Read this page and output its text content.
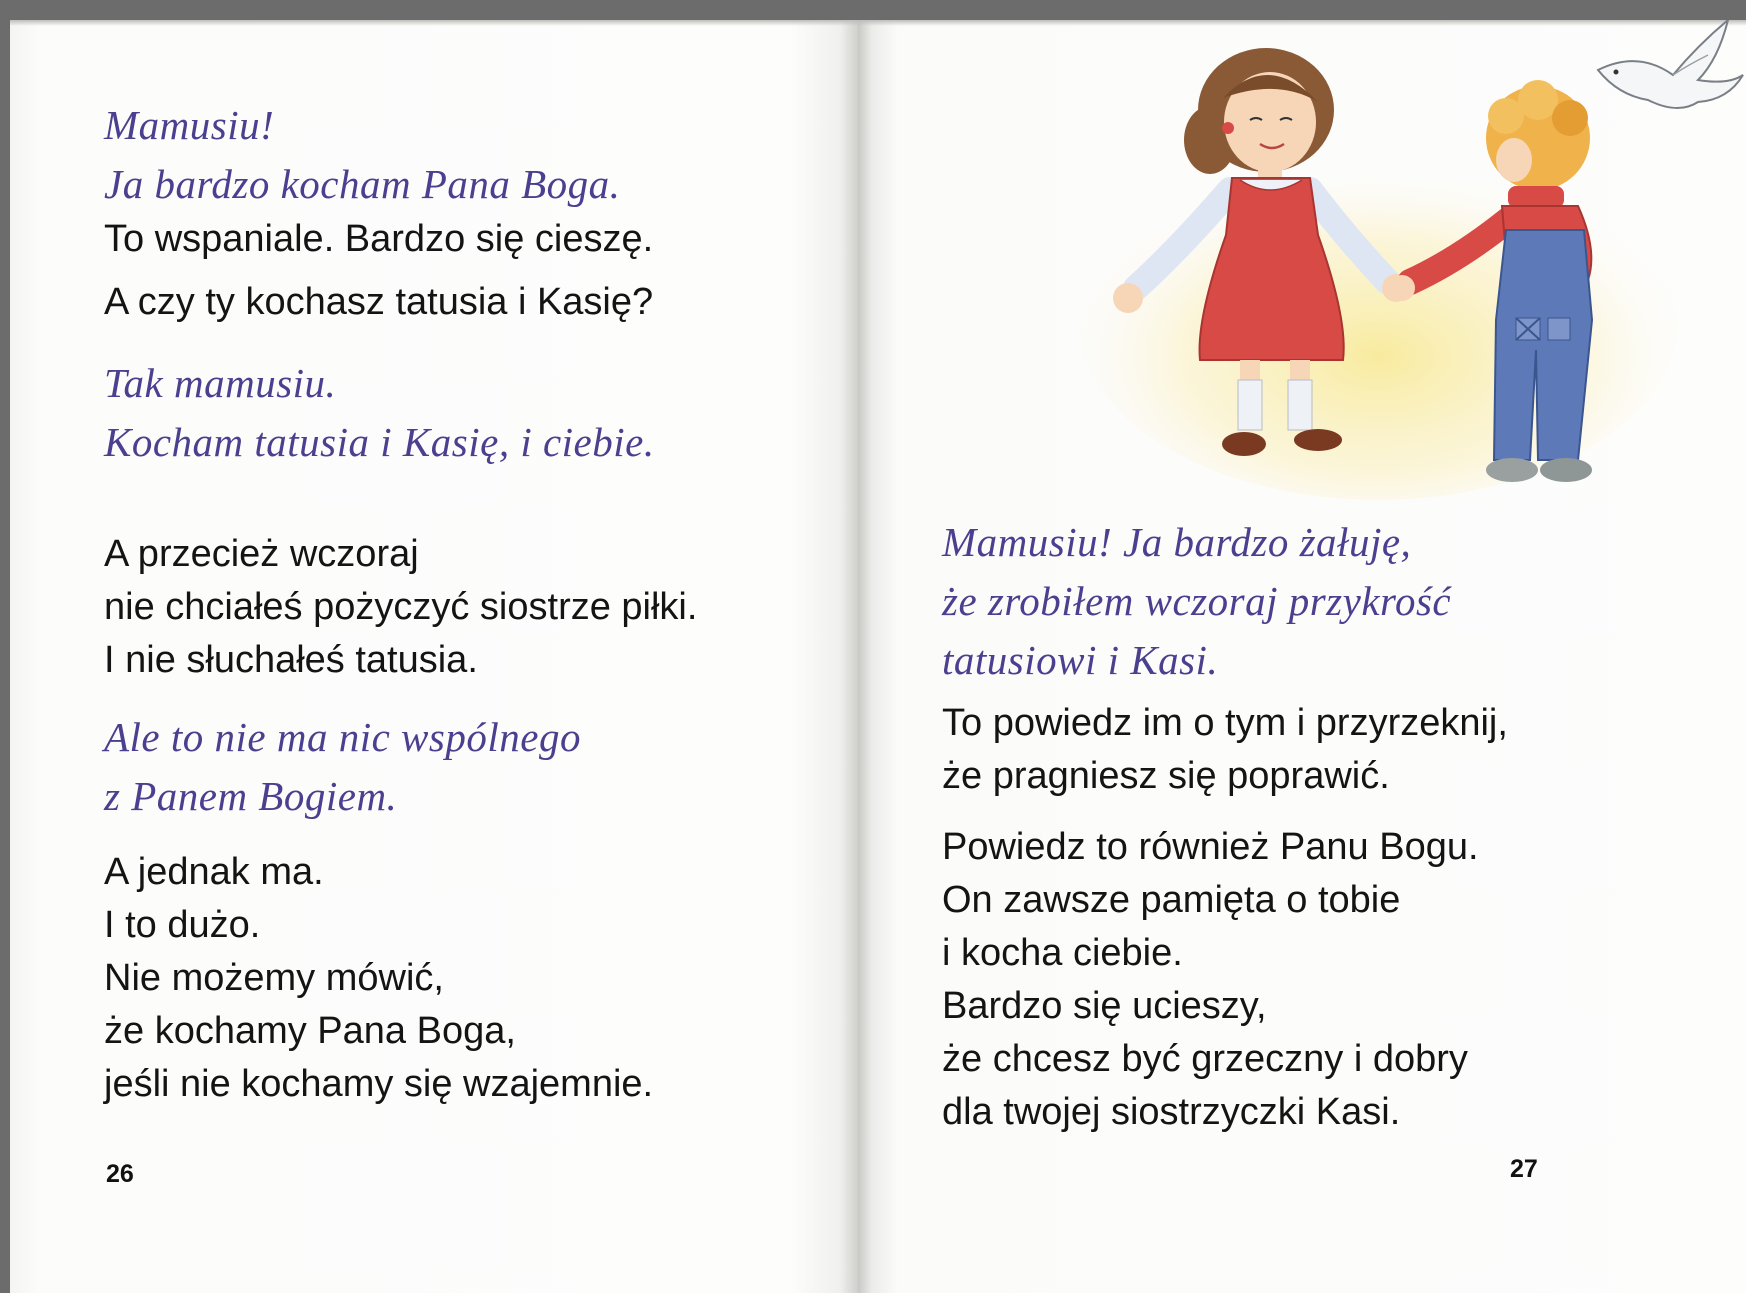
Mamusiu!
Ja bardzo kocham Pana Boga.

To wspaniale. Bardzo się cieszę.

A czy ty kochasz tatusia i Kasię?

Tak mamusiu.
Kocham tatusia i Kasię, i ciebie.

A przecież wczoraj
nie chciałeś pożyczyć siostrze piłki.
I nie słuchałeś tatusia.

Ale to nie ma nic wspólnego
z Panem Bogiem.

A jednak ma.
I to dużo.
Nie możemy mówić,
że kochamy Pana Boga,
jeśli nie kochamy się wzajemnie.

26

Mamusiu! Ja bardzo żałuję,
że zrobiłem wczoraj przykrość
tatusiowi i Kasi.

To powiedz im o tym i przyrzeknij,
że pragniesz się poprawić.

Powiedz to również Panu Bogu.
On zawsze pamięta o tobie
i kocha ciebie.
Bardzo się ucieszy,
że chcesz być grzeczny i dobry
dla twojej siostrzyczki Kasi.

27
